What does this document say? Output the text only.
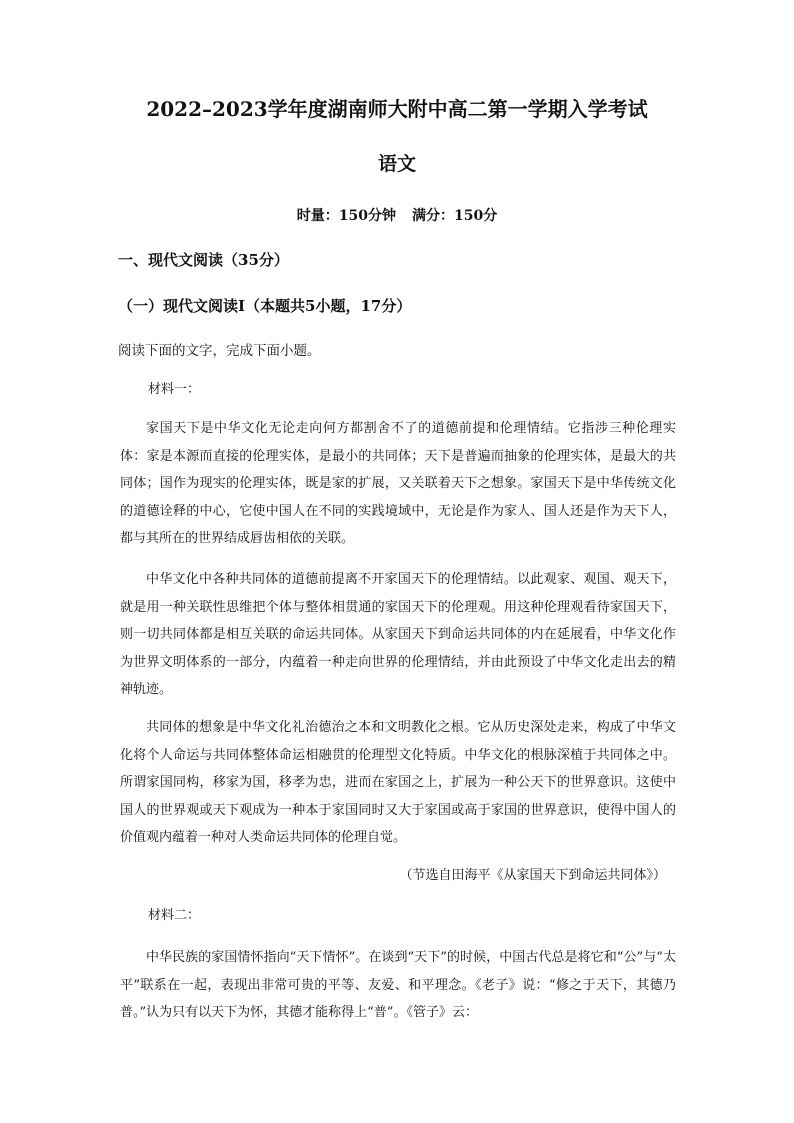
2022–2023学年度湖南师大附中高二第一学期入学考试
语文
时量：150分钟 满分：150分
一、现代文阅读（35分）
（一）现代文阅读Ⅰ（本题共5小题，17分）
阅读下面的文字，完成下面小题。
材料一：

家国天下是中华文化无论走向何方都割舍不了的道德前提和伦理情结。它指涉三种伦理实体：家是本源而直接的伦理实体，是最小的共同体；天下是普遍而抽象的伦理实体，是最大的共同体；国作为现实的伦理实体，既是家的扩展，又关联着天下之想象。家国天下是中华传统文化的道德诠释的中心，它使中国人在不同的实践境域中，无论是作为家人、国人还是作为天下人，都与其所在的世界结成唇齿相依的关联。

中华文化中各种共同体的道德前提离不开家国天下的伦理情结。以此观家、观国、观天下，就是用一种关联性思维把个体与整体相贯通的家国天下的伦理观。用这种伦理观看待家国天下，则一切共同体都是相互关联的命运共同体。从家国天下到命运共同体的内在延展看，中华文化作为世界文明体系的一部分，内蕴着一种走向世界的伦理情结，并由此预设了中华文化走出去的精神轨迹。

共同体的想象是中华文化礼治德治之本和文明教化之根。它从历史深处走来，构成了中华文化将个人命运与共同体整体命运相融贯的伦理型文化特质。中华文化的根脉深植于共同体之中。所谓家国同构，移家为国，移孝为忠，进而在家国之上，扩展为一种公天下的世界意识。这使中国人的世界观或天下观成为一种本于家国同时又大于家国或高于家国的世界意识，使得中国人的价值观内蕴着一种对人类命运共同体的伦理自觉。

（节选自田海平《从家国天下到命运共同体》）
材料二：

中华民族的家国情怀指向“天下情怀”。在谈到“天下”的时候，中国古代总是将它和“公”与“太平”联系在一起，表现出非常可贵的平等、友爱、和平理念。《老子》说：“修之于天下，其德乃普。”认为只有以天下为怀，其德才能称得上“普”。《管子》云：
